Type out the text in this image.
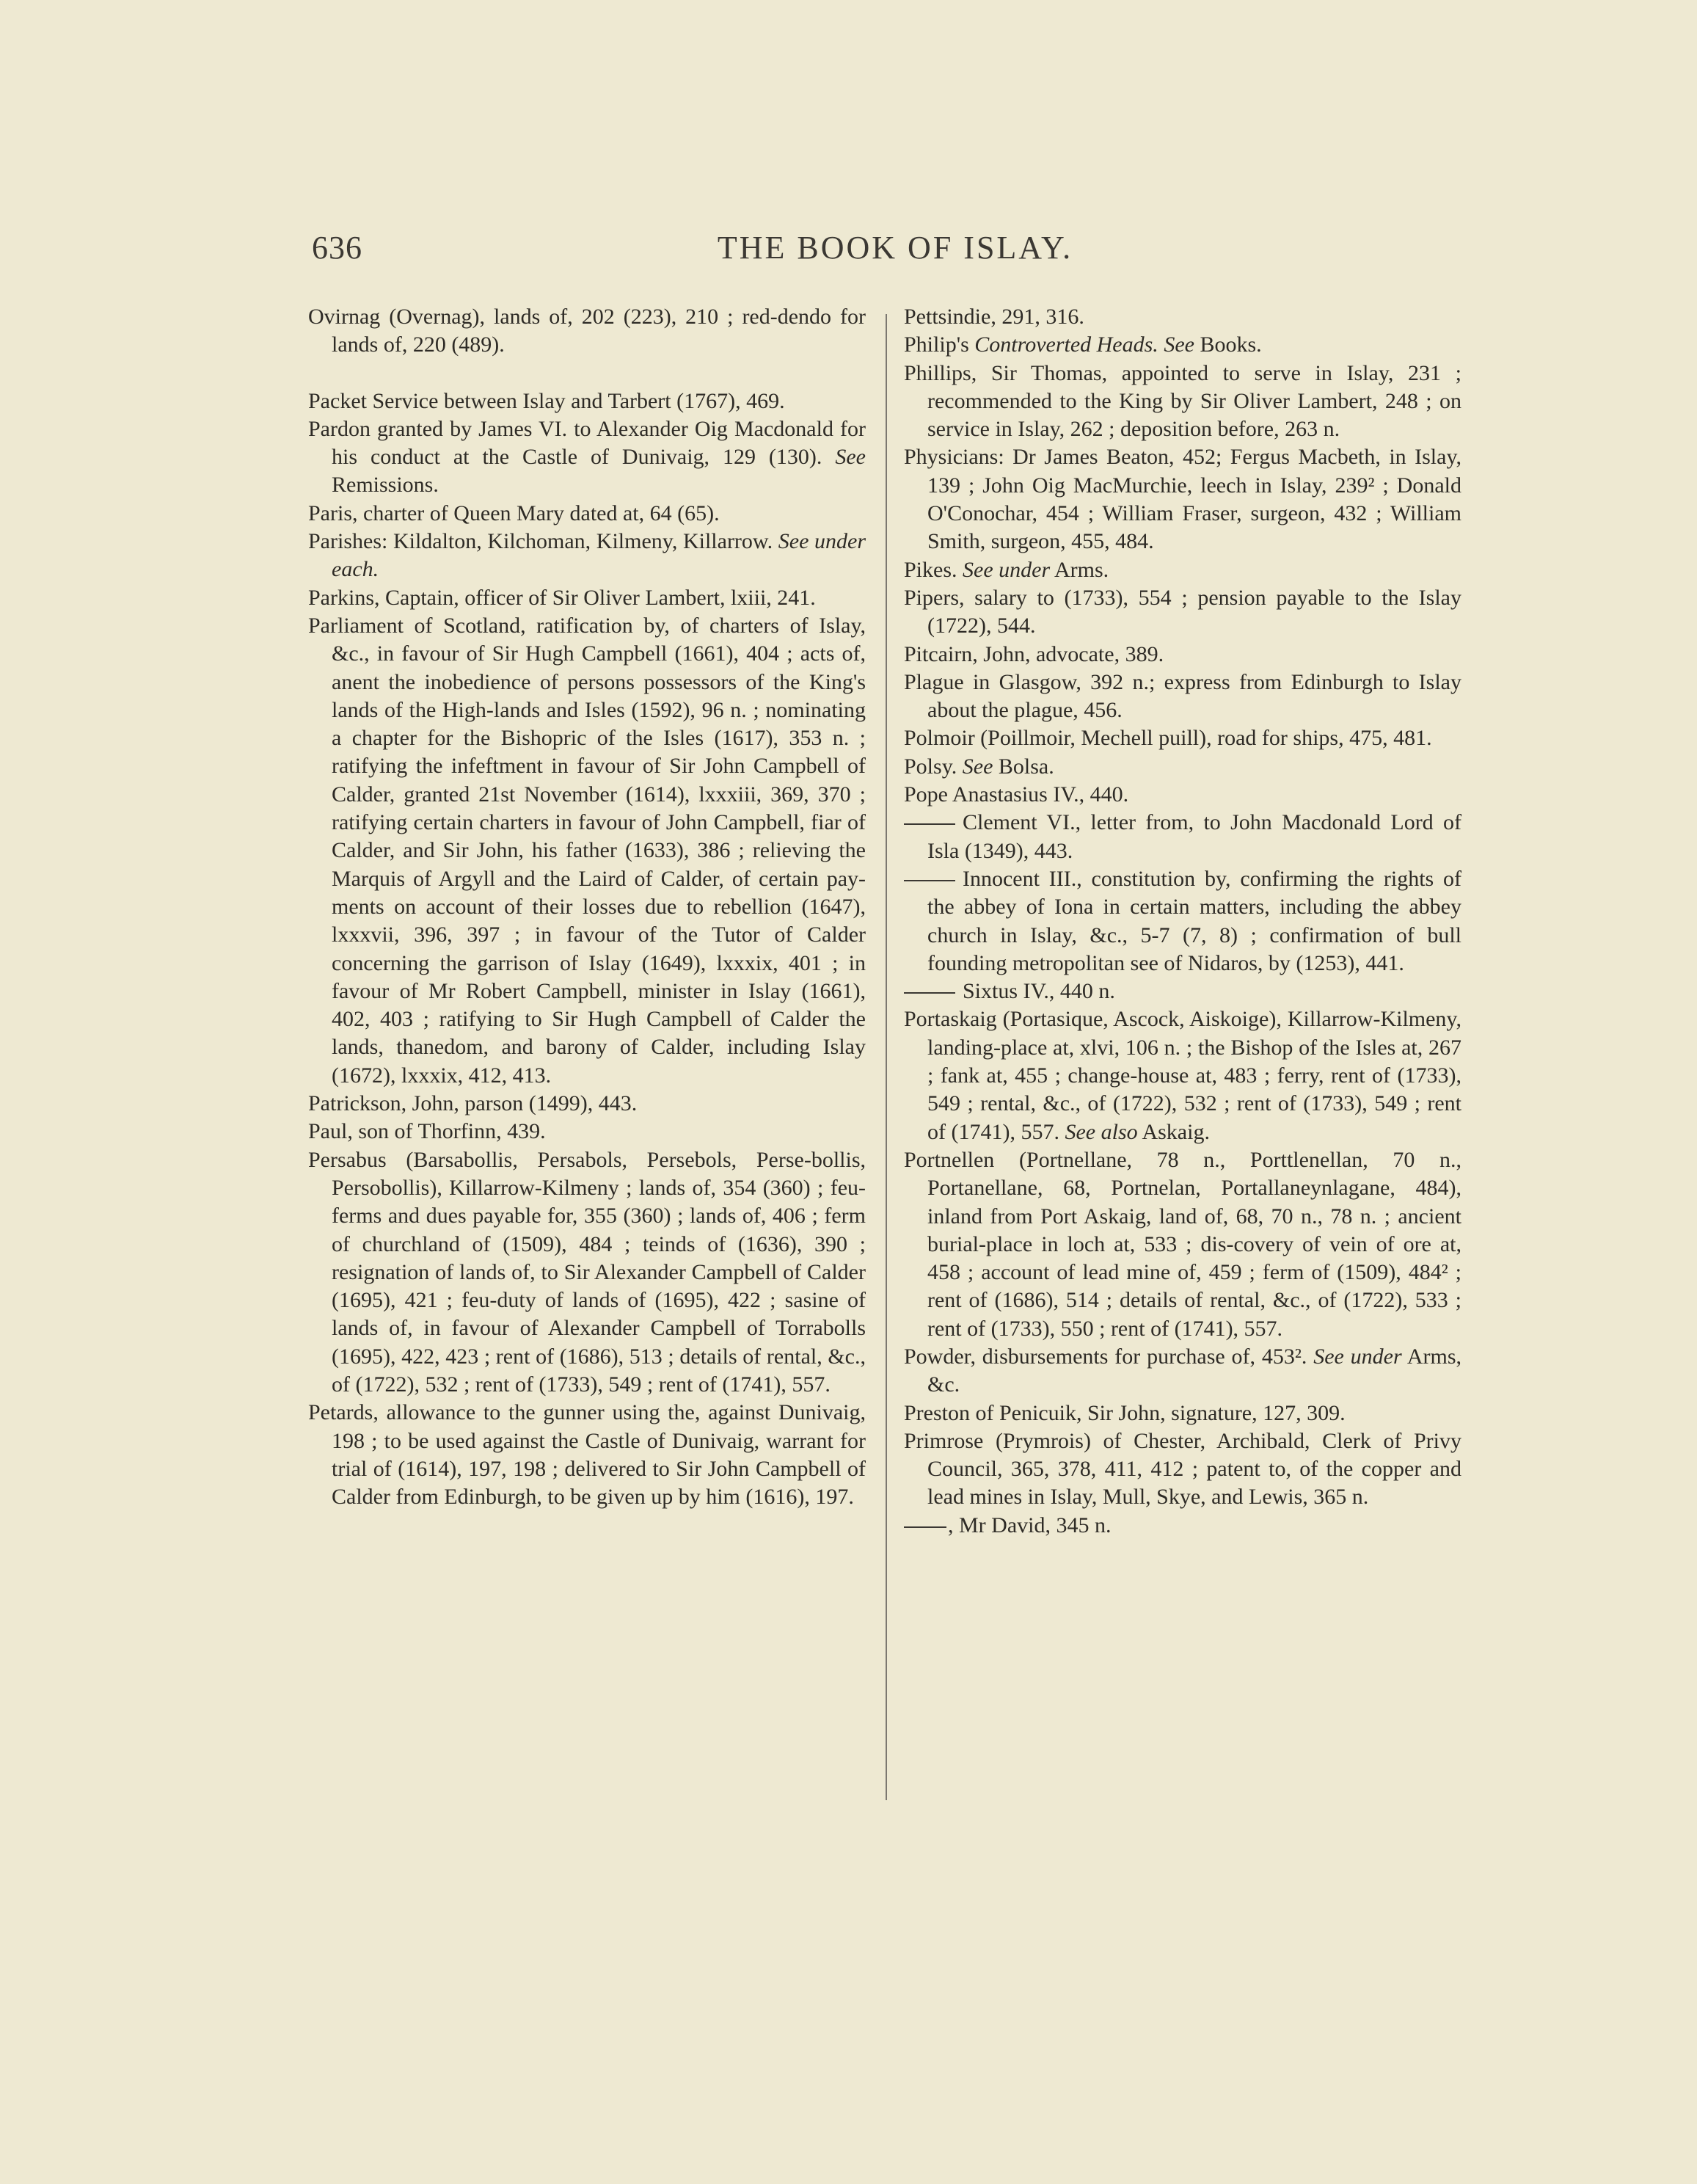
636	THE BOOK OF ISLAY.

Ovirnag (Overnag), lands of, 202 (223), 210 ; red-dendo for lands of, 220 (489).

Packet Service between Islay and Tarbert (1767), 469.

Pardon granted by James VI. to Alexander Oig Macdonald for his conduct at the Castle of Dunivaig, 129 (130). See Remissions.

Paris, charter of Queen Mary dated at, 64 (65).

Parishes: Kildalton, Kilchoman, Kilmeny, Killarrow. See under each.

Parkins, Captain, officer of Sir Oliver Lambert, lxiii, 241.

Parliament of Scotland, ratification by, of charters of Islay, &c., in favour of Sir Hugh Campbell (1661), 404 ; acts of, anent the inobedience of persons possessors of the King's lands of the High-lands and Isles (1592), 96 n. ; nominating a chapter for the Bishopric of the Isles (1617), 353 n. ; ratifying the infeftment in favour of Sir John Campbell of Calder, granted 21st November (1614), lxxxiii, 369, 370 ; ratifying certain charters in favour of John Campbell, fiar of Calder, and Sir John, his father (1633), 386 ; relieving the Marquis of Argyll and the Laird of Calder, of certain pay-ments on account of their losses due to rebellion (1647), lxxxvii, 396, 397 ; in favour of the Tutor of Calder concerning the garrison of Islay (1649), lxxxix, 401 ; in favour of Mr Robert Campbell, minister in Islay (1661), 402, 403 ; ratifying to Sir Hugh Campbell of Calder the lands, thanedom, and barony of Calder, including Islay (1672), lxxxix, 412, 413.

Patrickson, John, parson (1499), 443.

Paul, son of Thorfinn, 439.

Persabus (Barsabollis, Persabols, Persebols, Perse-bollis, Persobollis), Killarrow-Kilmeny ; lands of, 354 (360) ; feu-ferms and dues payable for, 355 (360) ; lands of, 406 ; ferm of churchland of (1509), 484 ; teinds of (1636), 390 ; resignation of lands of, to Sir Alexander Campbell of Calder (1695), 421 ; feu-duty of lands of (1695), 422 ; sasine of lands of, in favour of Alexander Campbell of Torrabolls (1695), 422, 423 ; rent of (1686), 513 ; details of rental, &c., of (1722), 532 ; rent of (1733), 549 ; rent of (1741), 557.

Petards, allowance to the gunner using the, against Dunivaig, 198 ; to be used against the Castle of Dunivaig, warrant for trial of (1614), 197, 198 ; delivered to Sir John Campbell of Calder from Edinburgh, to be given up by him (1616), 197.

Pettsindie, 291, 316.

Philip's Controverted Heads. See Books.

Phillips, Sir Thomas, appointed to serve in Islay, 231 ; recommended to the King by Sir Oliver Lambert, 248 ; on service in Islay, 262 ; deposition before, 263 n.

Physicians: Dr James Beaton, 452; Fergus Macbeth, in Islay, 139 ; John Oig MacMurchie, leech in Islay, 239² ; Donald O'Conochar, 454 ; William Fraser, surgeon, 432 ; William Smith, surgeon, 455, 484.

Pikes. See under Arms.

Pipers, salary to (1733), 554 ; pension payable to the Islay (1722), 544.

Pitcairn, John, advocate, 389.

Plague in Glasgow, 392 n.; express from Edinburgh to Islay about the plague, 456.

Polmoir (Poillmoir, Mechell puill), road for ships, 475, 481.

Polsy. See Bolsa.

Pope Anastasius IV., 440.

Clement VI., letter from, to John Macdonald Lord of Isla (1349), 443.

Innocent III., constitution by, confirming the rights of the abbey of Iona in certain matters, including the abbey church in Islay, &c., 5-7 (7, 8) ; confirmation of bull founding metropolitan see of Nidaros, by (1253), 441.

Sixtus IV., 440 n.

Portaskaig (Portasique, Ascock, Aiskoige), Killarrow-Kilmeny, landing-place at, xlvi, 106 n. ; the Bishop of the Isles at, 267 ; fank at, 455 ; change-house at, 483 ; ferry, rent of (1733), 549 ; rental, &c., of (1722), 532 ; rent of (1733), 549 ; rent of (1741), 557. See also Askaig.

Portnellen (Portnellane, 78 n., Porttlenellan, 70 n., Portanellane, 68, Portnelan, Portallaneynlagane, 484), inland from Port Askaig, land of, 68, 70 n., 78 n. ; ancient burial-place in loch at, 533 ; dis-covery of vein of ore at, 458 ; account of lead mine of, 459 ; ferm of (1509), 484² ; rent of (1686), 514 ; details of rental, &c., of (1722), 533 ; rent of (1733), 550 ; rent of (1741), 557.

Powder, disbursements for purchase of, 453². See under Arms, &c.

Preston of Penicuik, Sir John, signature, 127, 309.

Primrose (Prymrois) of Chester, Archibald, Clerk of Privy Council, 365, 378, 411, 412 ; patent to, of the copper and lead mines in Islay, Mull, Skye, and Lewis, 365 n.

, Mr David, 345 n.
